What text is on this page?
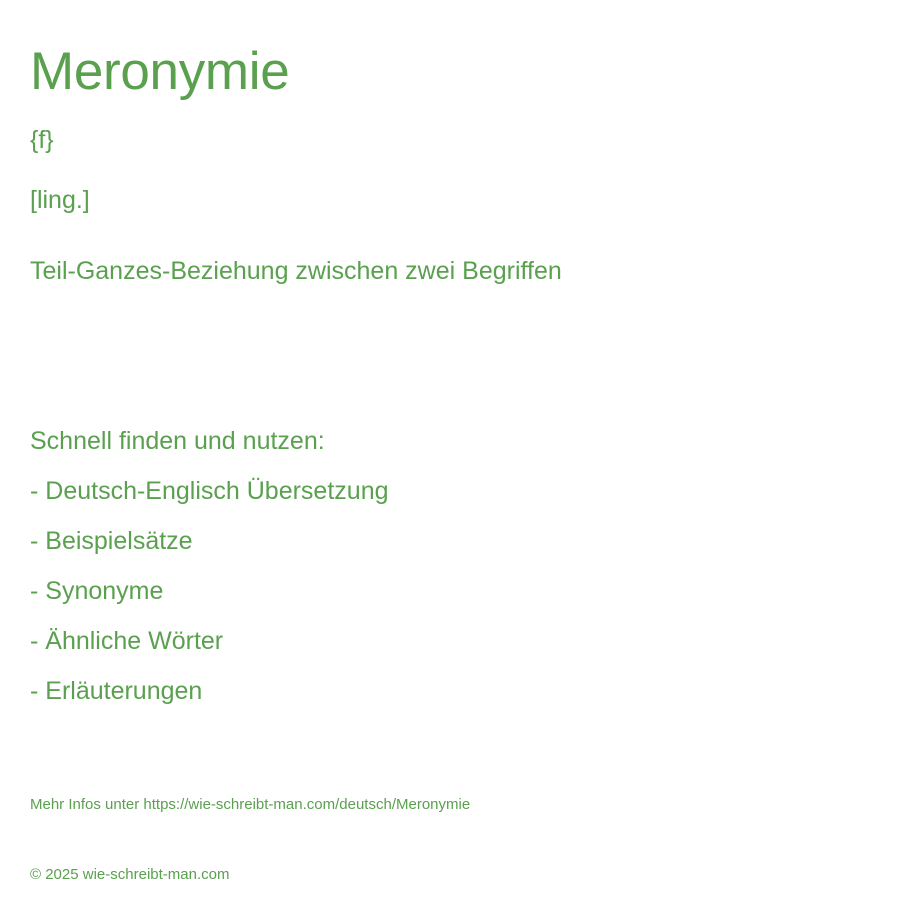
Meronymie
{f}
[ling.]
Teil-Ganzes-Beziehung zwischen zwei Begriffen
Schnell finden und nutzen:
- Deutsch-Englisch Übersetzung
- Beispielsätze
- Synonyme
- Ähnliche Wörter
- Erläuterungen
Mehr Infos unter https://wie-schreibt-man.com/deutsch/Meronymie
© 2025 wie-schreibt-man.com
